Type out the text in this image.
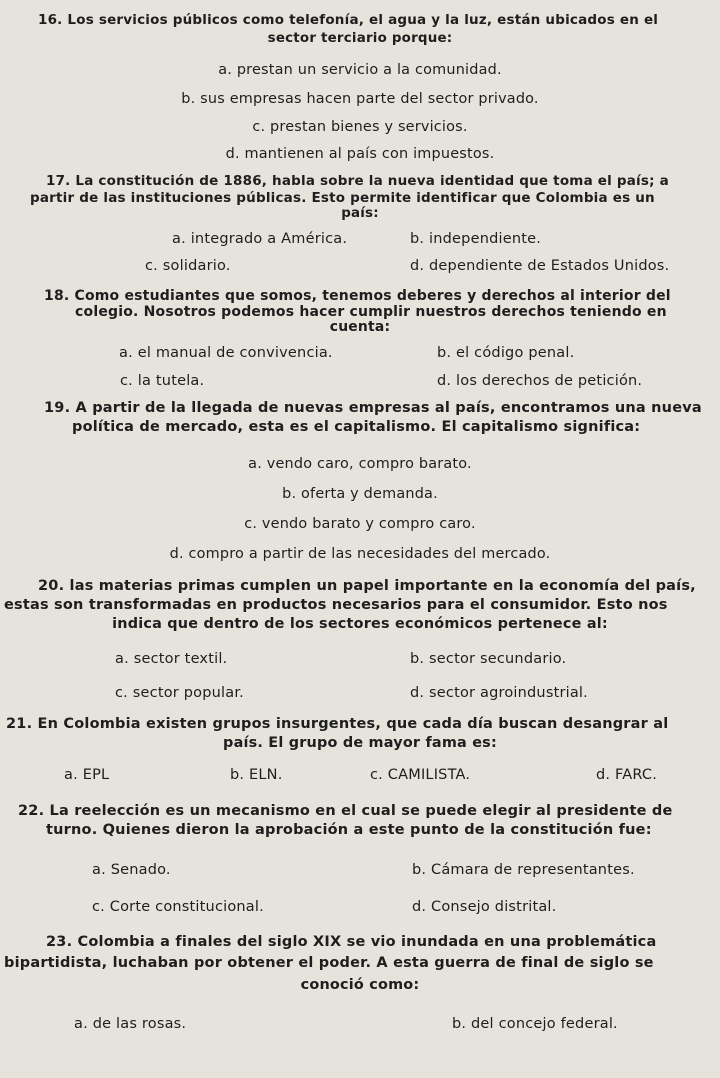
16. Los servicios públicos como telefonía, el agua y la luz, están ubicados en el
sector terciario porque:
a. prestan un servicio a la comunidad.
b. sus empresas hacen parte del sector privado.
c. prestan bienes y servicios.
d. mantienen al país con impuestos.
17. La constitución de 1886, habla sobre la nueva identidad que toma el país; a
partir de las instituciones públicas. Esto permite identificar que Colombia es un
país:
a. integrado a América.	b. independiente.
c. solidario.	d. dependiente de Estados Unidos.
18. Como estudiantes que somos, tenemos deberes y derechos al interior del
colegio. Nosotros podemos hacer cumplir nuestros derechos teniendo en
cuenta:
a. el manual de convivencia.	b. el código penal.
c. la tutela.	d. los derechos de petición.
19. A partir de la llegada de nuevas empresas al país, encontramos una nueva
política de mercado, esta es el capitalismo. El capitalismo significa:
a. vendo caro, compro barato.
b. oferta y demanda.
c. vendo barato y compro caro.
d. compro a partir de las necesidades del mercado.
20. las materias primas cumplen un papel importante en la economía del país,
estas son transformadas en productos necesarios para el consumidor. Esto nos
indica que dentro de los sectores económicos pertenece al:
a. sector textil.	b. sector secundario.
c. sector popular.	d. sector agroindustrial.
21. En Colombia existen grupos insurgentes, que cada día buscan desangrar al
país. El grupo de mayor fama es:
a. EPL	b. ELN.	c. CAMILISTA.	d. FARC.
22. La reelección es un mecanismo en el cual se puede elegir al presidente de
turno. Quienes dieron la aprobación a este punto de la constitución fue:
a. Senado.	b. Cámara de representantes.
c. Corte constitucional.	d. Consejo distrital.
23. Colombia a finales del siglo XIX se vio inundada en una problemática
bipartidista, luchaban por obtener el poder. A esta guerra de final de siglo se
conoció como:
a. de las rosas.	b. del concejo federal.
